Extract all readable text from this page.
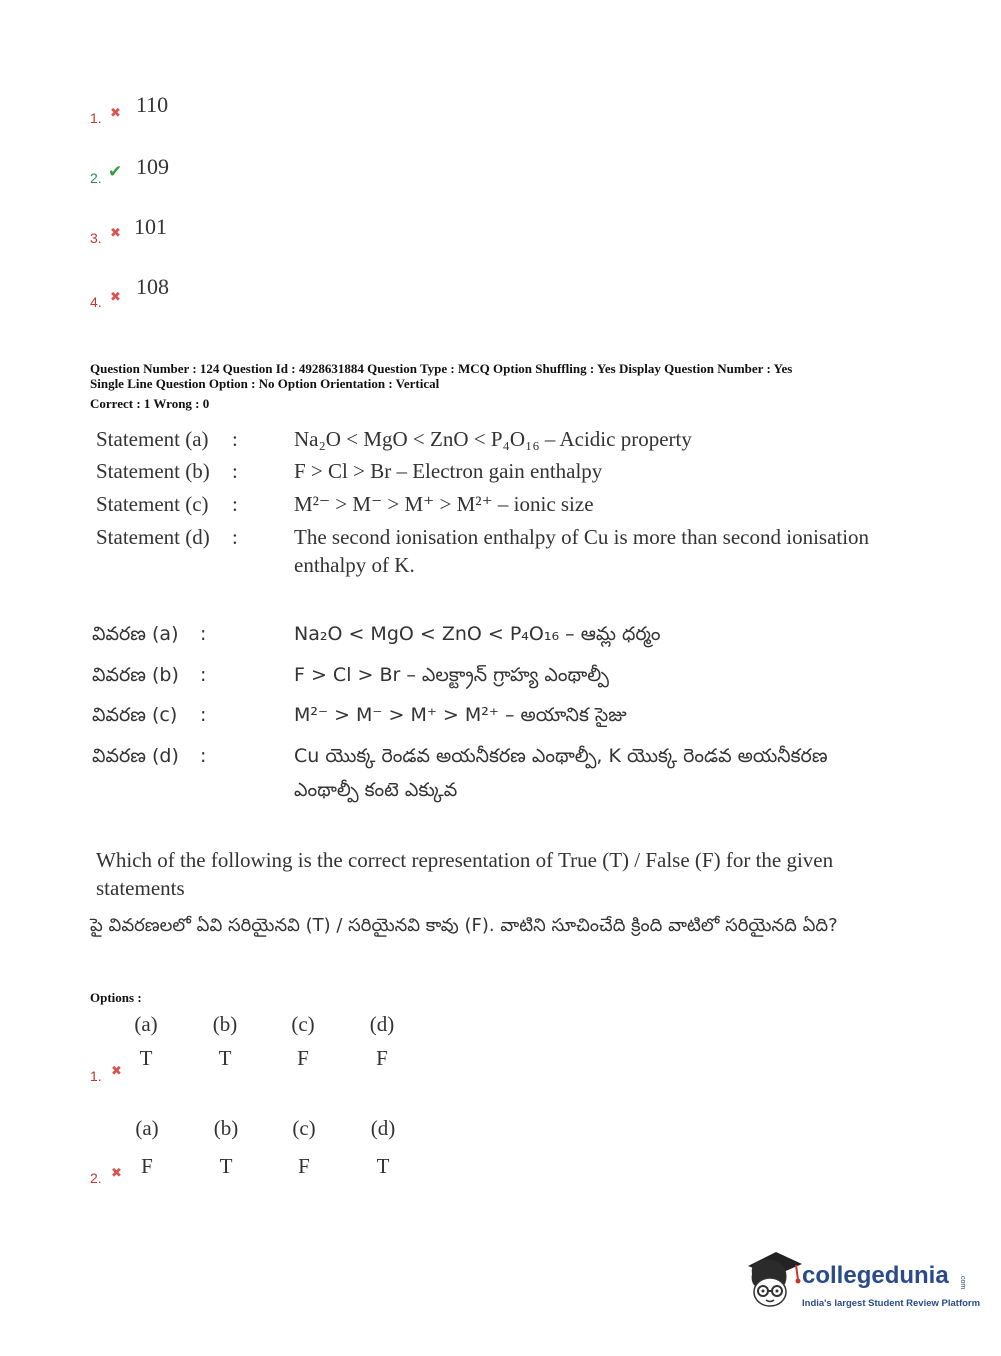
1. ✖ 110
2. ✔ 109
3. ✖ 101
4. ✖ 108
Question Number : 124 Question Id : 4928631884 Question Type : MCQ Option Shuffling : Yes Display Question Number : Yes
Single Line Question Option : No Option Orientation : Vertical
Correct : 1 Wrong : 0
Statement (a) :	Na₂O < MgO < ZnO < P₄O₁₆ – Acidic property
Statement (b) :	F > Cl > Br – Electron gain enthalpy
Statement (c) :	M²⁻ > M⁻ > M⁺ > M²⁺ – ionic size
Statement (d) :	The second ionisation enthalpy of Cu is more than second ionisation enthalpy of K.
వివరణ (a) :	Na₂O < MgO < ZnO < P₄O₁₆ – ఆమ్ల ధర్మం
వివరణ (b) :	F > Cl > Br – ఎలక్ట్రాన్ గ్రాహ్య ఎంథాల్పీ
వివరణ (c) :	M²⁻ > M⁻ > M⁺ > M²⁺ – అయానిక సైజు
వివరణ (d) :	Cu యొక్క రెండవ అయనీకరణ ఎంథాల్పీ, K యొక్క రెండవ అయనీకరణ ఎంథాల్పీ కంటె ఎక్కువ
Which of the following is the correct representation of True (T) / False (F) for the given statements
పై వివరణలలో ఏవి సరియైనవి (T) / సరియైనవి కావు (F). వాటిని సూచించేది క్రింది వాటిలో సరియైనది ఏది?
Options :
1. ✖
(a)	(b)	(c)	(d)
T	T	F	F
2. ✖
(a)	(b)	(c)	(d)
F	T	F	T
collegedunia .com
India's largest Student Review Platform
